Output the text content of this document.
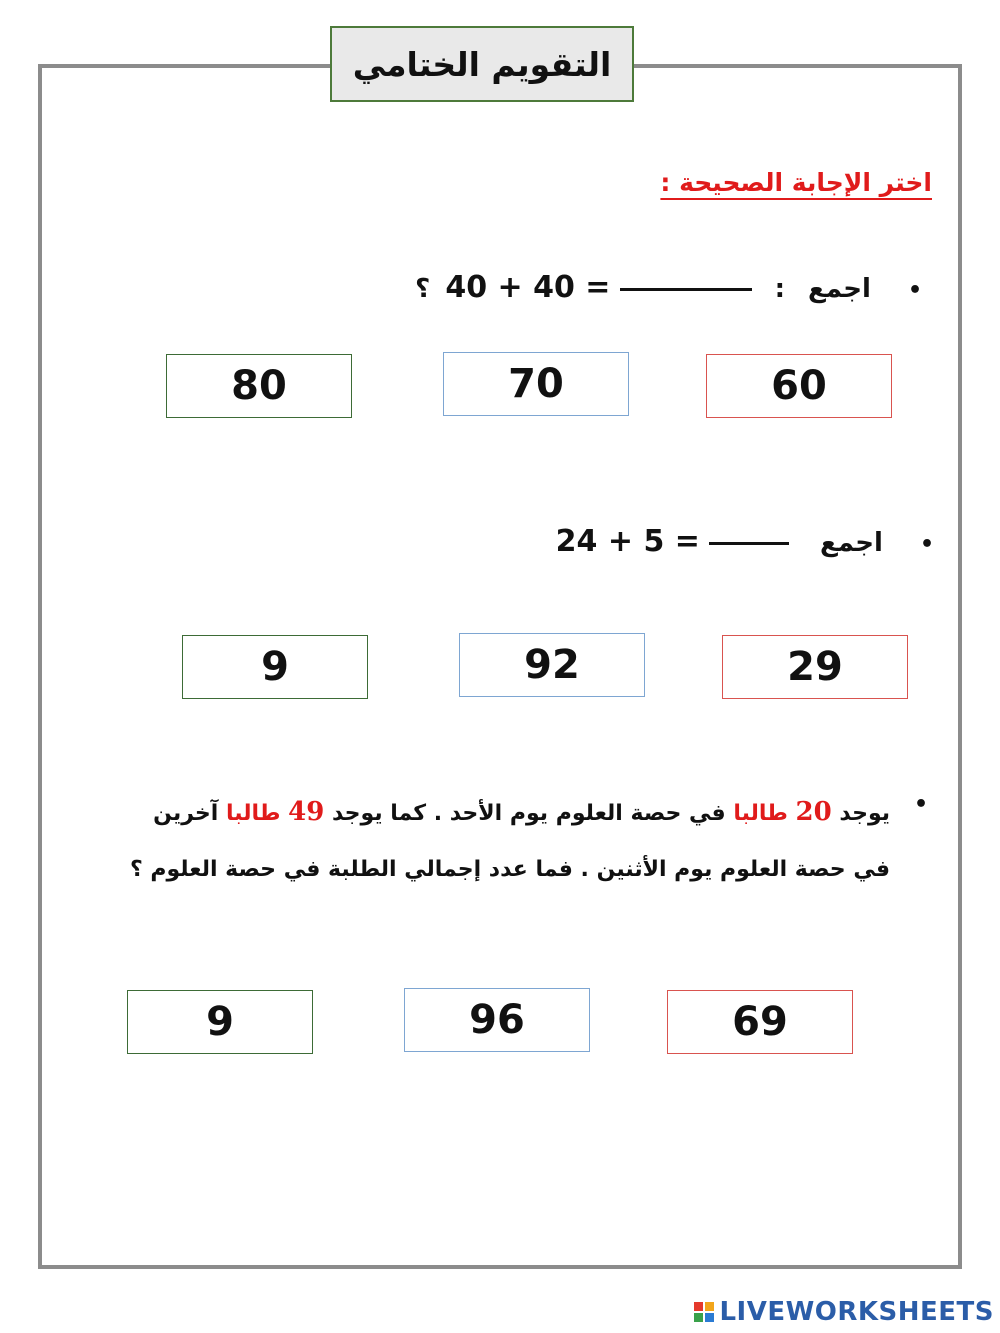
التقويم الختامي
اختر الإجابة الصحيحة :
• اجمع :  40 + 40 = ؟
80	70	60
• اجمع  24 + 5 =
9	92	29
•
يوجد 20 طالبا في حصة العلوم يوم الأحد . كما يوجد 49 طالبا آخرين في حصة العلوم يوم الأثنين . فما عدد إجمالي الطلبة في حصة العلوم ؟
9	96	69
LIVEWORKSHEETS
